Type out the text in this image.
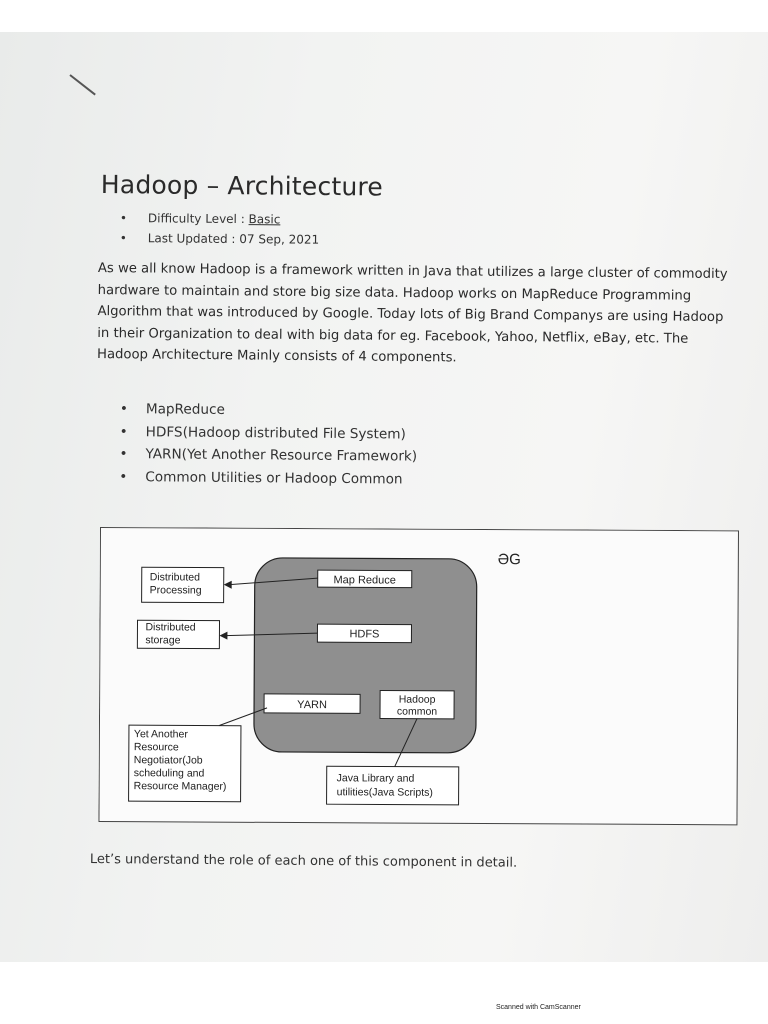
Hadoop – Architecture
• Difficulty Level : Basic
• Last Updated : 07 Sep, 2021
As we all know Hadoop is a framework written in Java that utilizes a large cluster of commodity hardware to maintain and store big size data. Hadoop works on MapReduce Programming Algorithm that was introduced by Google. Today lots of Big Brand Companys are using Hadoop in their Organization to deal with big data for eg. Facebook, Yahoo, Netflix, eBay, etc. The Hadoop Architecture Mainly consists of 4 components.
• MapReduce
• HDFS(Hadoop distributed File System)
• YARN(Yet Another Resource Framework)
• Common Utilities or Hadoop Common
ƏG
Map Reduce
HDFS
YARN	Hadoop
common
Distributed
Processing
Distributed
storage
Yet Another
Resource
Negotiator(Job
scheduling and
Resource Manager)
Java Library and
utilities(Java Scripts)
Let’s understand the role of each one of this component in detail.
Scanned with CamScanner
